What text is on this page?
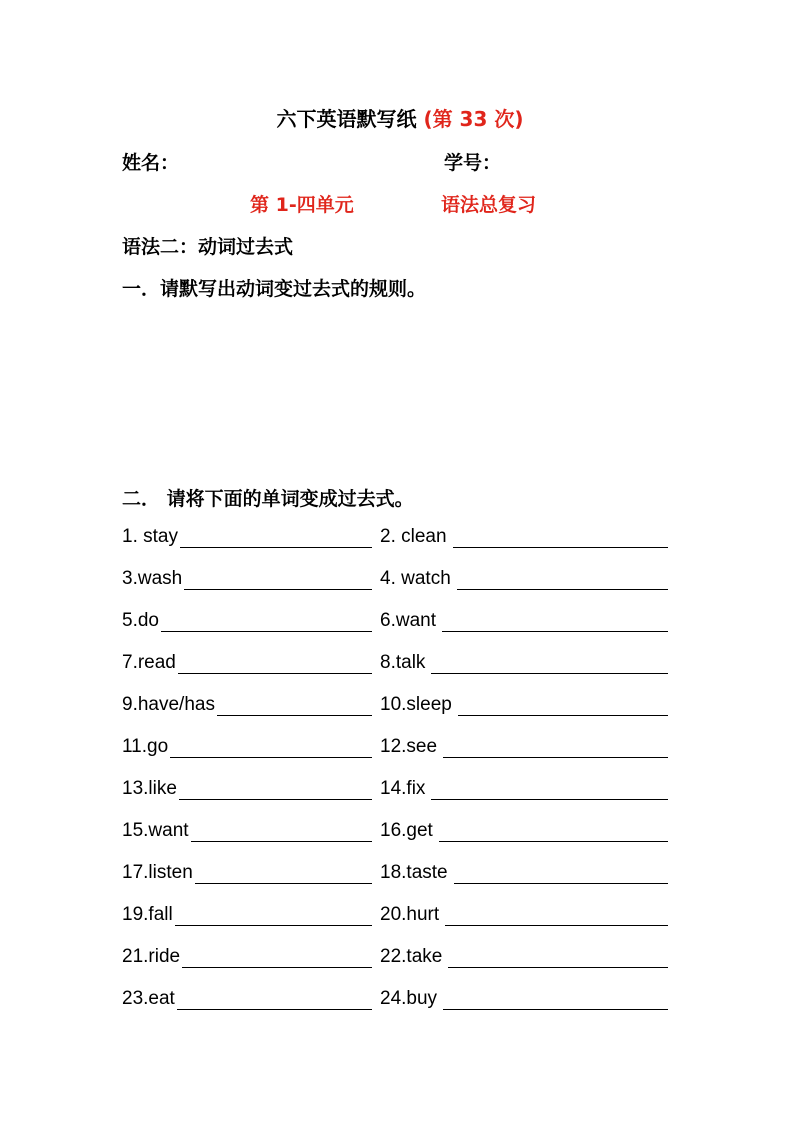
六下英语默写纸 (第 33 次)
姓名：	学号：
第 1-四单元	语法总复习
语法二：动词过去式
一．请默写出动词变过去式的规则。
二． 请将下面的单词变成过去式。
1. stay	2. clean
3.wash	4. watch
5.do	6.want
7.read	8.talk
9.have/has	10.sleep
11.go	12.see
13.like	14.fix
15.want	16.get
17.listen	18.taste
19.fall	20.hurt
21.ride	22.take
23.eat	24.buy
